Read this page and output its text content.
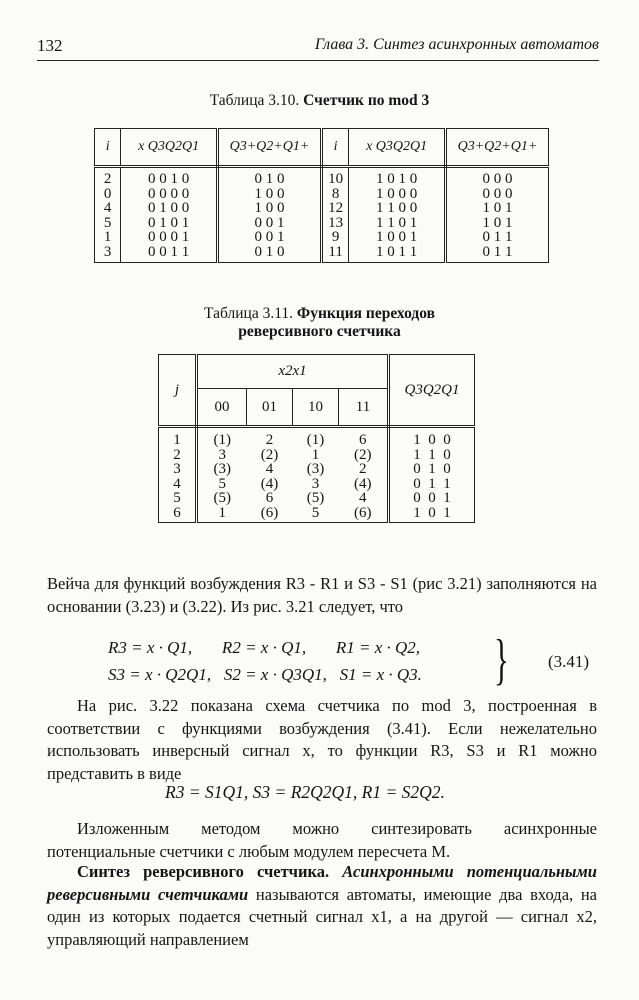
132	Глава 3. Синтез асинхронных автоматов
Таблица 3.10. Счетчик по mod 3
i	x Q3Q2Q1	Q3+Q2+Q1+	i	x Q3Q2Q1	Q3+Q2+Q1+
2	0 0 1 0	0 1 0	10	1 0 1 0	0 0 0
0	0 0 0 0	1 0 0	8	1 0 0 0	0 0 0
4	0 1 0 0	1 0 0	12	1 1 0 0	1 0 1
5	0 1 0 1	0 0 1	13	1 1 0 1	1 0 1
1	0 0 0 1	0 0 1	9	1 0 0 1	0 1 1
3	0 0 1 1	0 1 0	11	1 0 1 1	0 1 1
Таблица 3.11. Функция переходов
реверсивного счетчика
j	x2x1				Q3Q2Q1
	00	01	10	11	
1	(1)	2	(1)	6	1  0  0
2	3	(2)	1	(2)	1  1  0
3	(3)	4	(3)	2	0  1  0
4	5	(4)	3	(4)	0  1  1
5	(5)	6	(5)	4	0  0  1
6	1	(6)	5	(6)	1  0  1
Вейча для функций возбуждения R3 - R1 и S3 - S1 (рис 3.21) заполняются на основании (3.23) и (3.22). Из рис. 3.21 следует, что
R3 = x · Q1,       R2 = x · Q1,       R1 = x · Q2,
S3 = x · Q2Q1,   S2 = x · Q3Q1,   S1 = x · Q3. } (3.41)
На рис. 3.22 показана схема счетчика по mod 3, построенная в соответствии с функциями возбуждения (3.41). Если нежелательно использовать инверсный сигнал x, то функции R3, S3 и R1 можно представить в виде
R3 = S1Q1, S3 = R2Q2Q1, R1 = S2Q2.
Изложенным методом можно синтезировать асинхронные потенциальные счетчики с любым модулем пересчета M.
Синтез реверсивного счетчика. Асинхронными потенциальными реверсивными счетчиками называются автоматы, имеющие два входа, на один из которых подается счетный сигнал x1, а на другой — сигнал x2, управляющий направлением
